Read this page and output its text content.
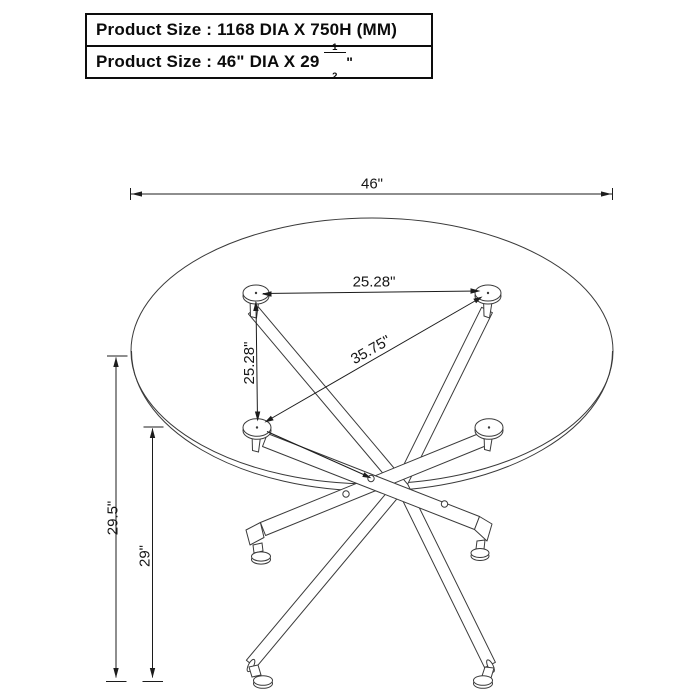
Product Size : 1168 DIA X 750H (MM)
Product Size : 46" DIA X 29

$\frac{1}{2}$

"
46"
25.28"
25.28"	35.75"
29.5"
29"
